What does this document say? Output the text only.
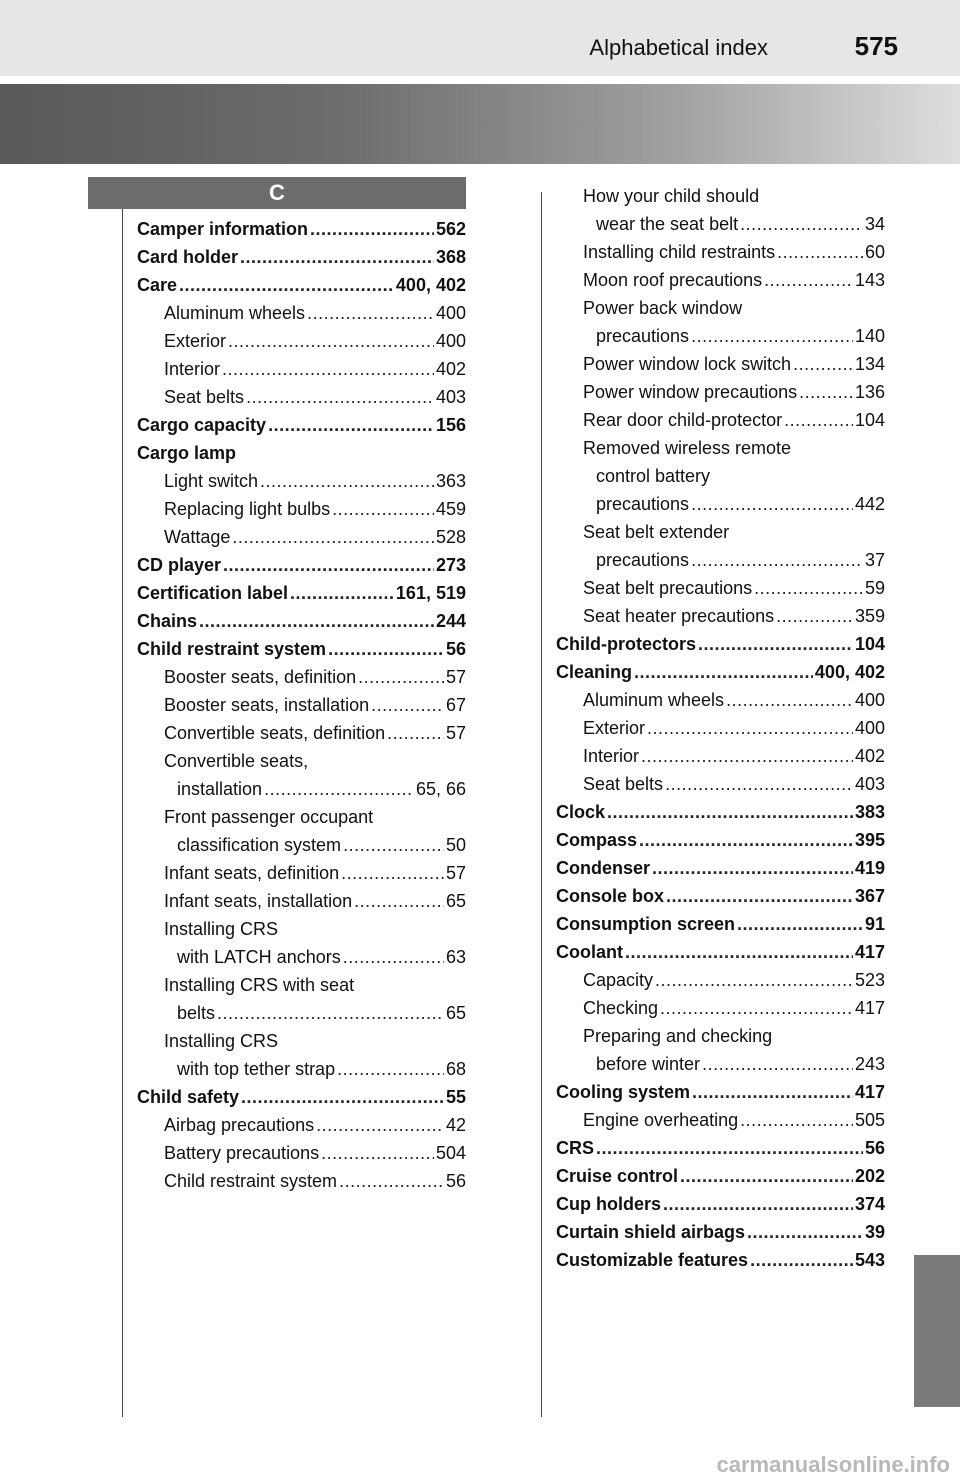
Alphabetical index	575
C
Camper information .....	562
Card holder .....	368
Care .....	400, 402
Aluminum wheels .....	400
Exterior .....	400
Interior .....	402
Seat belts .....	403
Cargo capacity .....	156
Cargo lamp
Light switch .....	363
Replacing light bulbs .....	459
Wattage .....	528
CD player .....	273
Certification label .....	161, 519
Chains .....	244
Child restraint system .....	56
Booster seats, definition .....	57
Booster seats, installation .....	67
Convertible seats, definition .....	57
Convertible seats,
installation .....	65, 66
Front passenger occupant
classification system .....	50
Infant seats, definition .....	57
Infant seats, installation .....	65
Installing CRS
with LATCH anchors .....	63
Installing CRS with seat
belts .....	65
Installing CRS
with top tether strap .....	68
Child safety .....	55
Airbag precautions .....	42
Battery precautions .....	504
Child restraint system .....	56
How your child should
wear the seat belt .....	34
Installing child restraints .....	60
Moon roof precautions .....	143
Power back window
precautions .....	140
Power window lock switch .....	134
Power window precautions .....	136
Rear door child-protector .....	104
Removed wireless remote
control battery
precautions .....	442
Seat belt extender
precautions .....	37
Seat belt precautions .....	59
Seat heater precautions .....	359
Child-protectors .....	104
Cleaning .....	400, 402
Aluminum wheels .....	400
Exterior .....	400
Interior .....	402
Seat belts .....	403
Clock .....	383
Compass .....	395
Condenser .....	419
Console box .....	367
Consumption screen .....	91
Coolant .....	417
Capacity .....	523
Checking .....	417
Preparing and checking
before winter .....	243
Cooling system .....	417
Engine overheating .....	505
CRS .....	56
Cruise control .....	202
Cup holders .....	374
Curtain shield airbags .....	39
Customizable features .....	543
carmanualsonline.info
